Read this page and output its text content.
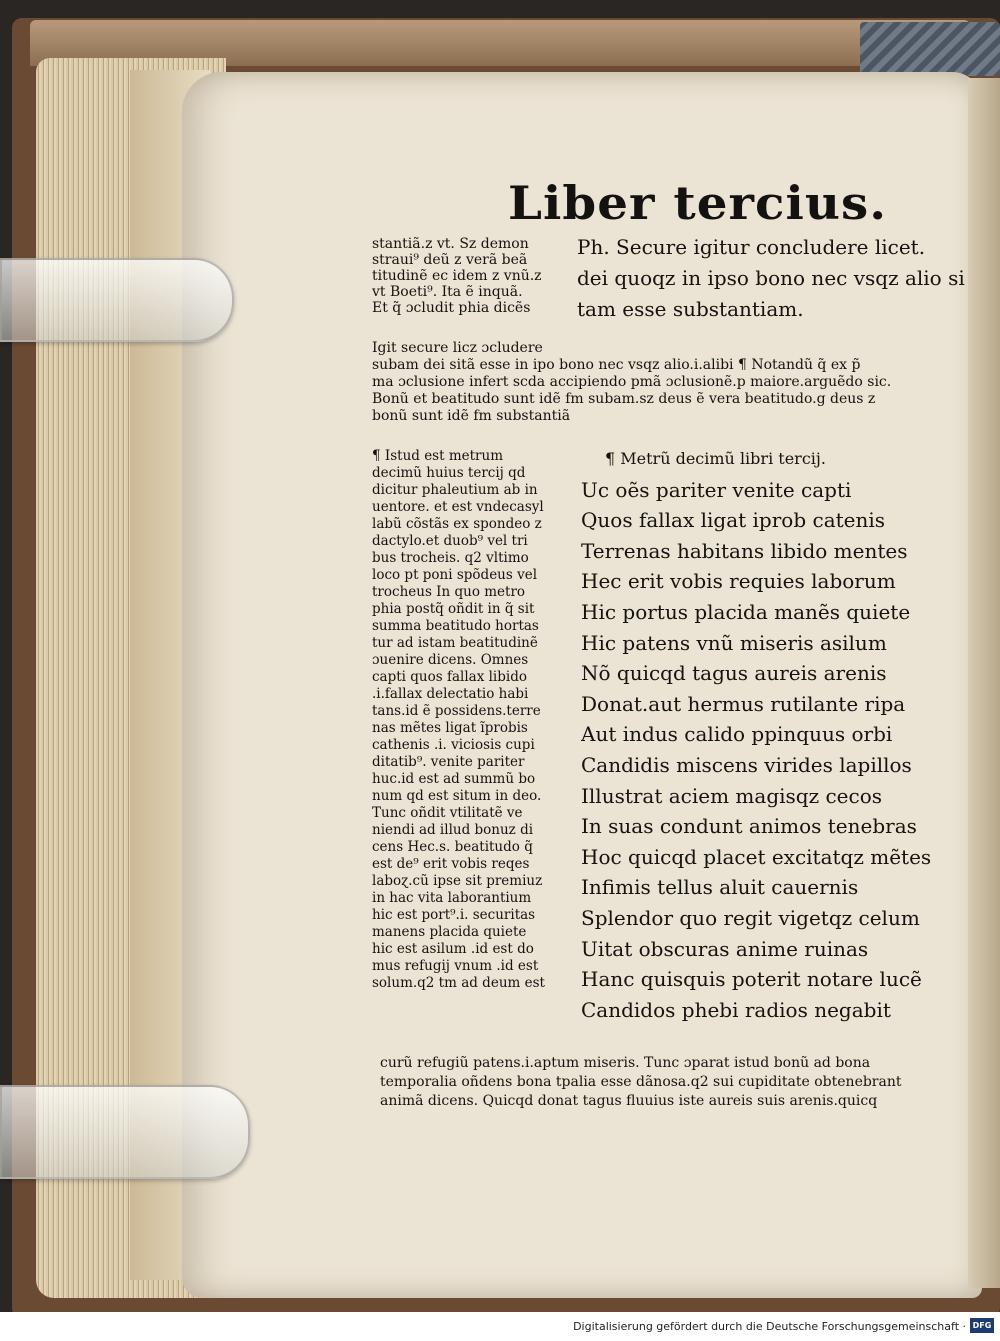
Liber tercius.
stantiã.z vt. Sz demon
straui⁹ deũ z verã beã
titudinẽ ec idem z vnũ.z
vt Boeti⁹. Ita ẽ inquã.
Et q̃ ɔcludit phia dicẽs
Ph. Secure igitur concludere licet.
dei quoqz in ipso bono nec vsqz alio si
tam esse substantiam.
Igit secure licz ɔcludere
subam dei sitã esse in ipo bono nec vsqz alio.i.alibi ¶ Notandũ q̃ ex p̃
ma ɔclusione infert scda accipiendo pmã ɔclusionẽ.p maiore.arguẽdo sic.
Bonũ et beatitudo sunt idẽ fm subam.sz deus ẽ vera beatitudo.g deus z
bonũ sunt idẽ fm substantiã
¶ Istud est metrum
decimũ huius tercij qd
dicitur phaleutium ab in
uentore. et est vndecasyl
labũ cõstãs ex spondeo z
dactylo.et duob⁹ vel tri
bus trocheis. q2 vltimo
loco pt poni spõdeus vel
trocheus In quo metro
phia postq̃ oñdit in q̃ sit
summa beatitudo hortas
tur ad istam beatitudinẽ
ɔuenire dicens. Omnes
capti quos fallax libido
.i.fallax delectatio habi
tans.id ẽ possidens.terre
nas mẽtes ligat ĩprobis
cathenis .i. viciosis cupi
ditatib⁹. venite pariter
huc.id est ad summũ bo
num qd est situm in deo.
Tunc oñdit vtilitatẽ ve
niendi ad illud bonuz di
cens Hec.s. beatitudo q̃
est de⁹ erit vobis reqes
laboɀ.cũ ipse sit premiuz
in hac vita laborantium
hic est port⁹.i. securitas
manens placida quiete
hic est asilum .id est do
mus refugij vnum .id est
solum.q2 tm ad deum est
¶ Metrũ decimũ libri tercij.
Uc oẽs pariter venite capti
Quos fallax ligat iprob catenis
Terrenas habitans libido mentes
Hec erit vobis requies laborum
Hic portus placida manẽs quiete
Hic patens vnũ miseris asilum
Nõ quicqd tagus aureis arenis
Donat.aut hermus rutilante ripa
Aut indus calido ppinquus orbi
Candidis miscens virides lapillos
Illustrat aciem magisqz cecos
In suas condunt animos tenebras
Hoc quicqd placet excitatqz mẽtes
Infimis tellus aluit cauernis
Splendor quo regit vigetqz celum
Uitat obscuras anime ruinas
Hanc quisquis poterit notare lucẽ
Candidos phebi radios negabit
curũ refugiũ patens.i.aptum miseris. Tunc ɔparat istud bonũ ad bona
temporalia oñdens bona tpalia esse dãnosa.q2 sui cupiditate obtenebrant
animã dicens. Quicqd donat tagus fluuius iste aureis suis arenis.quicq
Digitalisierung gefördert durch die Deutsche Forschungsgemeinschaft · DFG
